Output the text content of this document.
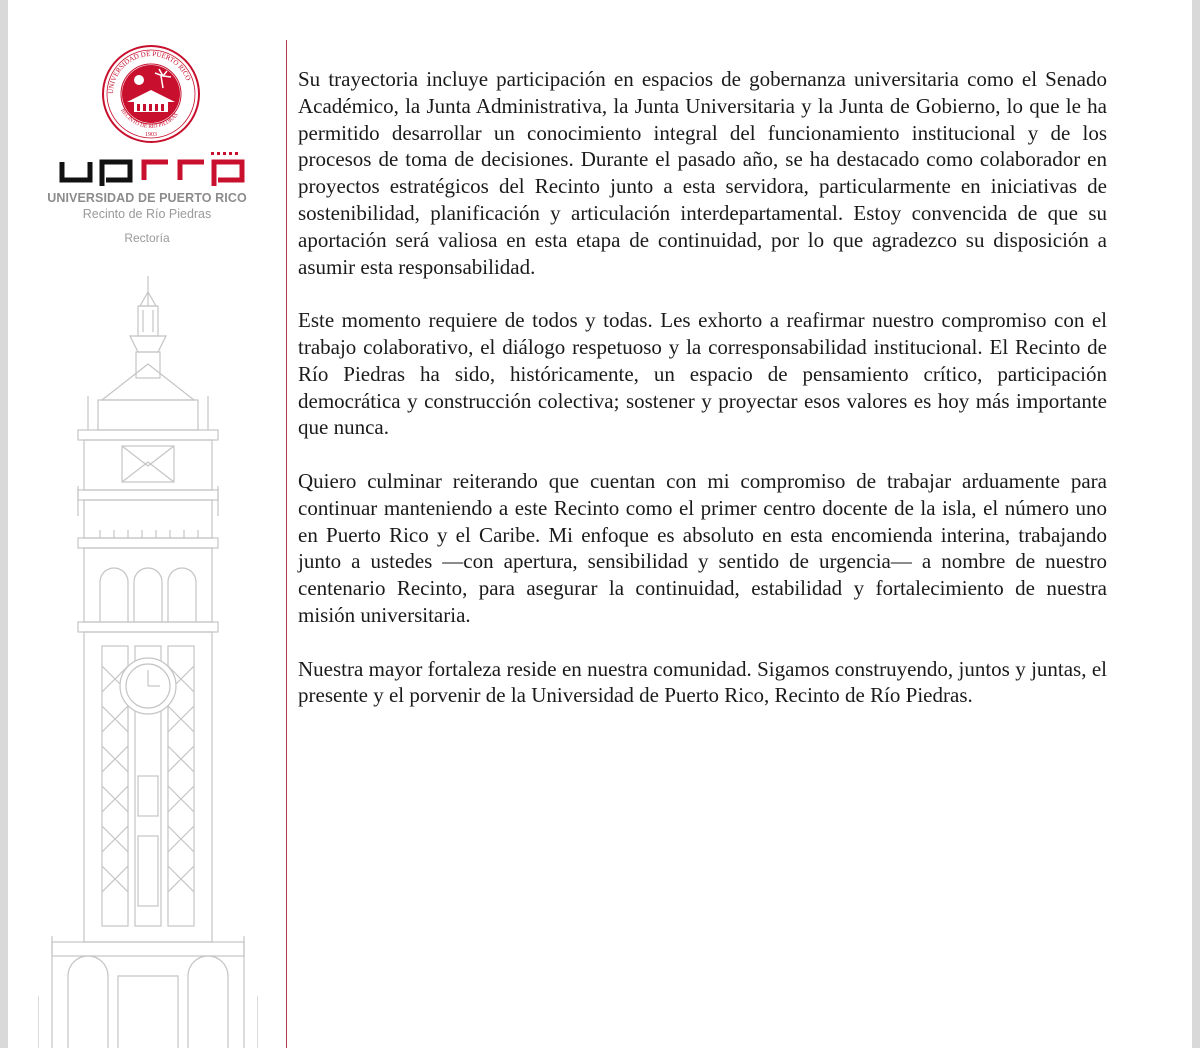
UNIVERSIDAD DE PUERTO RICO
RECINTO DE RÍO PIEDRAS
1903
UNIVERSIDAD DE PUERTO RICO
Recinto de Río Piedras
Rectoría

Su trayectoria incluye participación en espacios de gobernanza universitaria como el Senado Académico, la Junta Administrativa, la Junta Universitaria y la Junta de Gobierno, lo que le ha permitido desarrollar un conocimiento integral del funcionamiento institucional y de los procesos de toma de decisiones. Durante el pasado año, se ha destacado como colaborador en proyectos estratégicos del Recinto junto a esta servidora, particularmente en iniciativas de sostenibilidad, planificación y articulación interdepartamental. Estoy convencida de que su aportación será valiosa en esta etapa de continuidad, por lo que agradezco su disposición a asumir esta responsabilidad.

Este momento requiere de todos y todas. Les exhorto a reafirmar nuestro compromiso con el trabajo colaborativo, el diálogo respetuoso y la corresponsabilidad institucional. El Recinto de Río Piedras ha sido, históricamente, un espacio de pensamiento crítico, participación democrática y construcción colectiva; sostener y proyectar esos valores es hoy más importante que nunca.

Quiero culminar reiterando que cuentan con mi compromiso de trabajar arduamente para continuar manteniendo a este Recinto como el primer centro docente de la isla, el número uno en Puerto Rico y el Caribe. Mi enfoque es absoluto en esta encomienda interina, trabajando junto a ustedes —con apertura, sensibilidad y sentido de urgencia— a nombre de nuestro centenario Recinto, para asegurar la continuidad, estabilidad y fortalecimiento de nuestra misión universitaria.

Nuestra mayor fortaleza reside en nuestra comunidad. Sigamos construyendo, juntos y juntas, el presente y el porvenir de la Universidad de Puerto Rico, Recinto de Río Piedras.
